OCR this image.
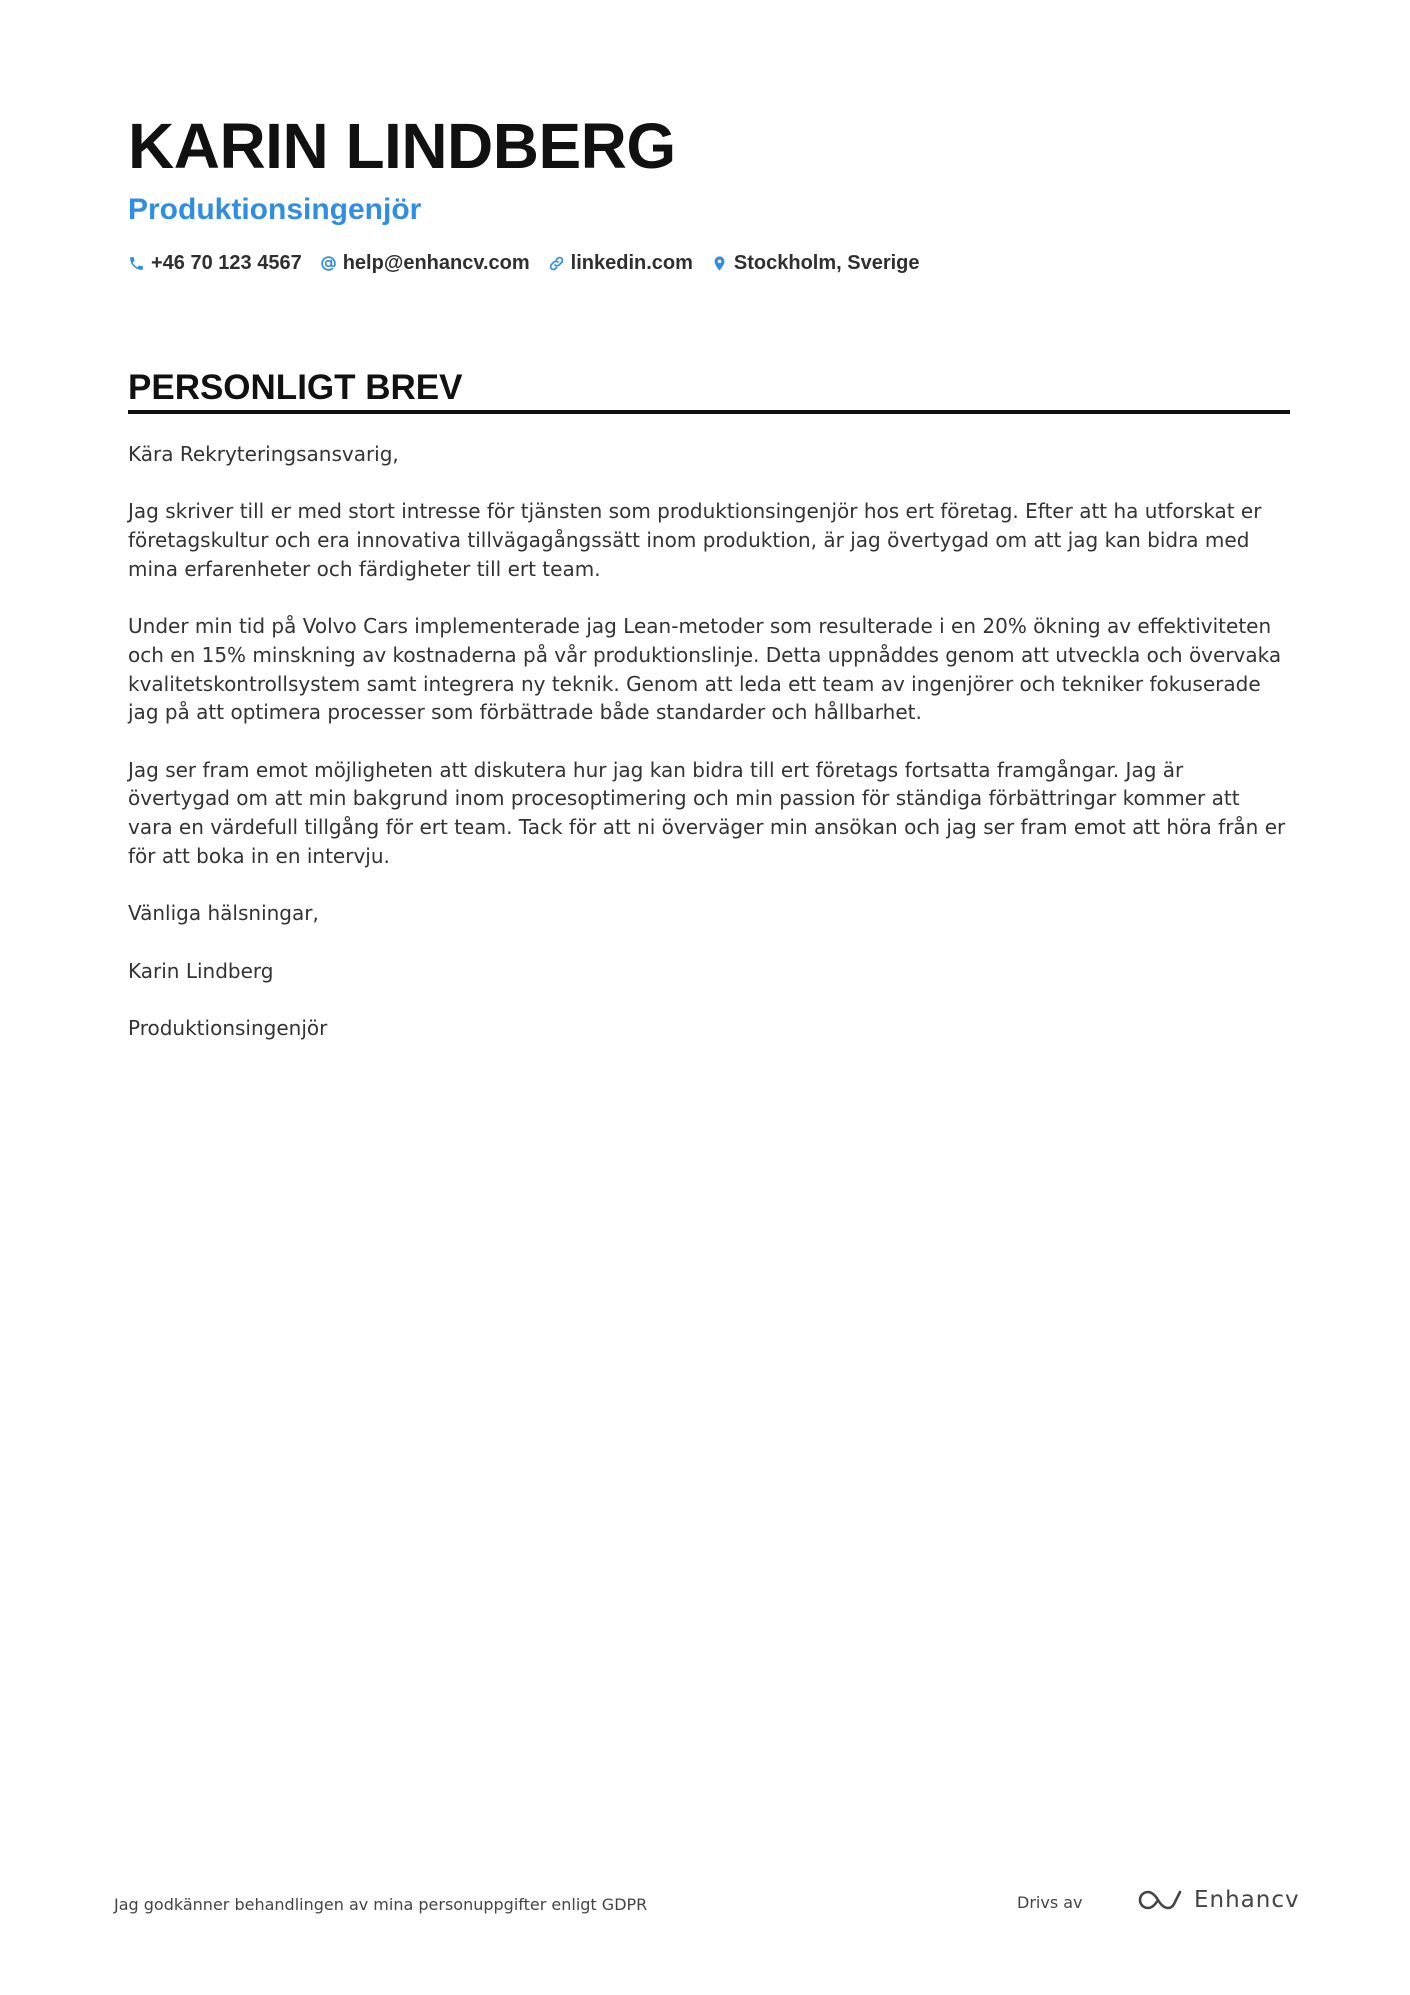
KARIN LINDBERG
Produktionsingenjör
+46 70 123 4567 help@enhancv.com linkedin.com Stockholm, Sverige
PERSONLIGT BREV

Kära Rekryteringsansvarig,

Jag skriver till er med stort intresse för tjänsten som produktionsingenjör hos ert företag. Efter att ha utforskat er företagskultur och era innovativa tillvägagångssätt inom produktion, är jag övertygad om att jag kan bidra med mina erfarenheter och färdigheter till ert team.

Under min tid på Volvo Cars implementerade jag Lean-metoder som resulterade i en 20% ökning av effektiviteten och en 15% minskning av kostnaderna på vår produktionslinje. Detta uppnåddes genom att utveckla och övervaka kvalitetskontrollsystem samt integrera ny teknik. Genom att leda ett team av ingenjörer och tekniker fokuserade jag på att optimera processer som förbättrade både standarder och hållbarhet.

Jag ser fram emot möjligheten att diskutera hur jag kan bidra till ert företags fortsatta framgångar. Jag är övertygad om att min bakgrund inom procesoptimering och min passion för ständiga förbättringar kommer att vara en värdefull tillgång för ert team. Tack för att ni överväger min ansökan och jag ser fram emot att höra från er för att boka in en intervju.

Vänliga hälsningar,

Karin Lindberg

Produktionsingenjör

Jag godkänner behandlingen av mina personuppgifter enligt GDPR	Drivs av	Enhancv
